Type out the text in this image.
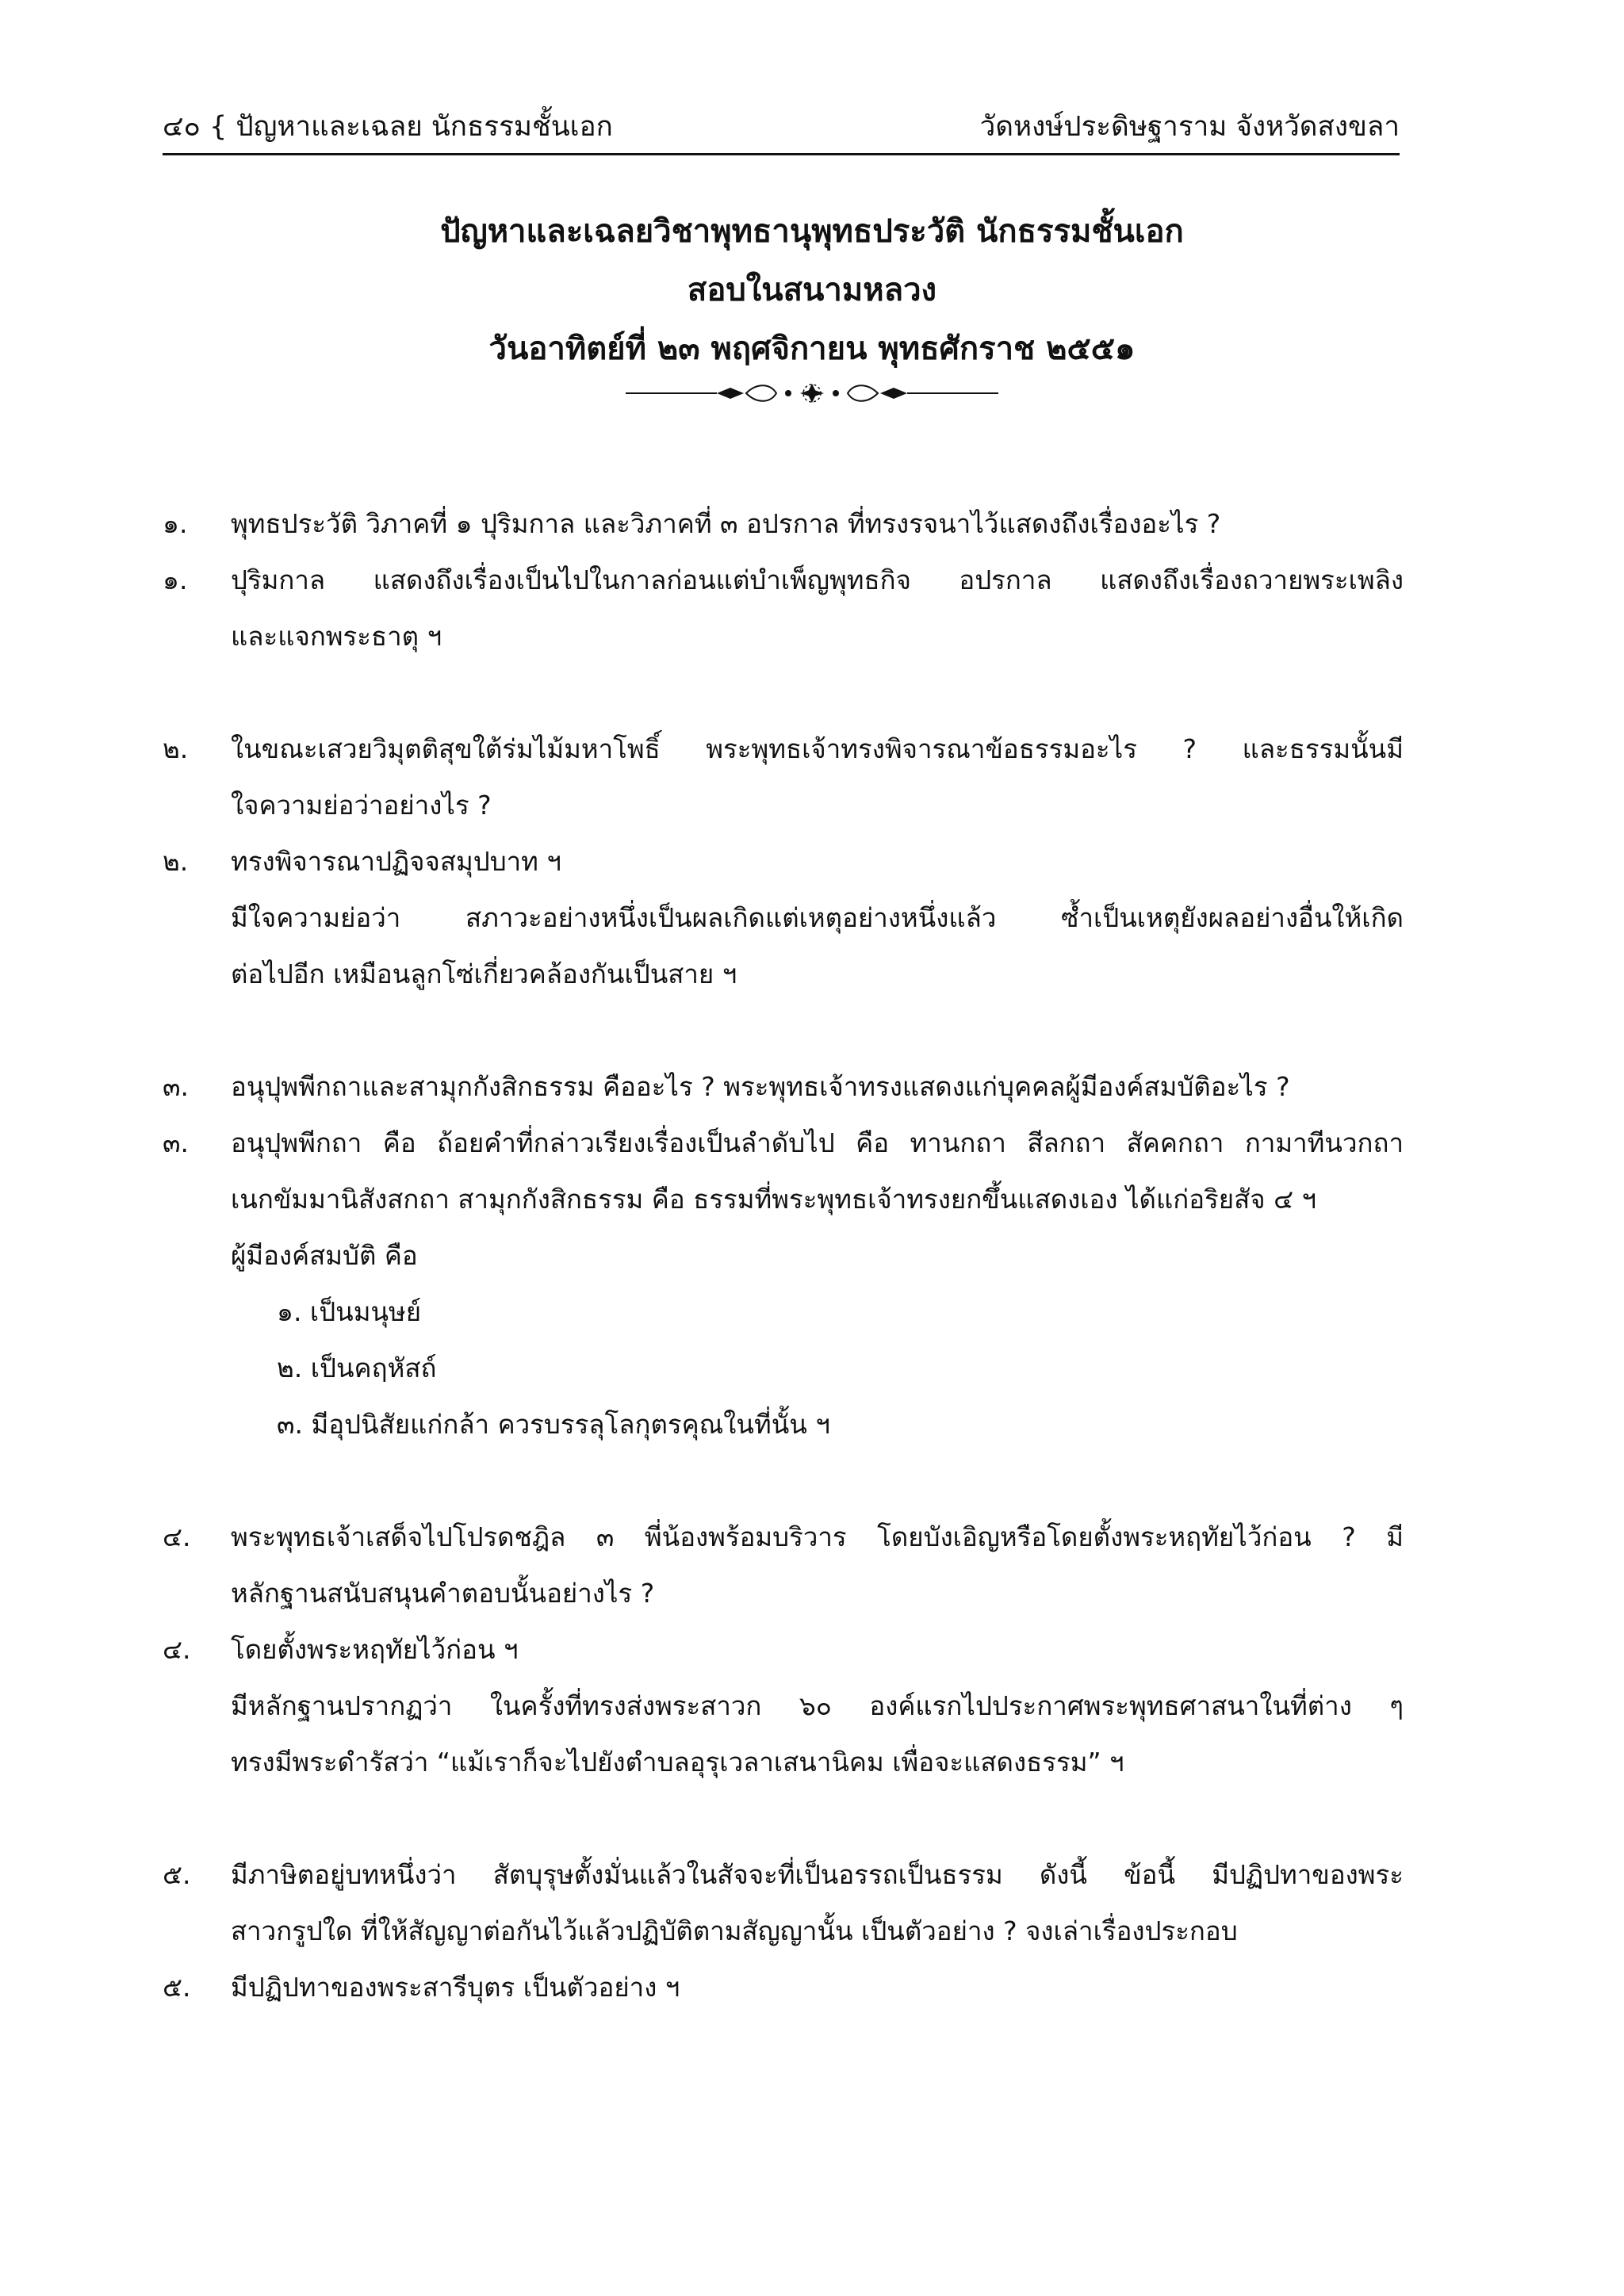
๔๐ { ปัญหาและเฉลย นักธรรมชั้นเอก	วัดหงษ์ประดิษฐาราม จังหวัดสงขลา
ปัญหาและเฉลยวิชาพุทธานุพุทธประวัติ นักธรรมชั้นเอก
สอบในสนามหลวง
วันอาทิตย์ที่ ๒๓ พฤศจิกายน พุทธศักราช ๒๕๕๑
๑.	พุทธประวัติ วิภาคที่ ๑ ปุริมกาล และวิภาคที่ ๓ อปรกาล ที่ทรงรจนาไว้แสดงถึงเรื่องอะไร ?
๑.	ปุริมกาล แสดงถึงเรื่องเป็นไปในกาลก่อนแต่บำเพ็ญพุทธกิจ อปรกาล แสดงถึงเรื่องถวายพระเพลิง
และแจกพระธาตุ ฯ
๒.	ในขณะเสวยวิมุตติสุขใต้ร่มไม้มหาโพธิ์ พระพุทธเจ้าทรงพิจารณาข้อธรรมอะไร ? และธรรมนั้นมี
ใจความย่อว่าอย่างไร ?
๒.	ทรงพิจารณาปฏิจจสมุปบาท ฯ
มีใจความย่อว่า สภาวะอย่างหนึ่งเป็นผลเกิดแต่เหตุอย่างหนึ่งแล้ว ซ้ำเป็นเหตุยังผลอย่างอื่นให้เกิด
ต่อไปอีก เหมือนลูกโซ่เกี่ยวคล้องกันเป็นสาย ฯ
๓.	อนุปุพพีกถาและสามุกกังสิกธรรม คืออะไร ? พระพุทธเจ้าทรงแสดงแก่บุคคลผู้มีองค์สมบัติอะไร ?
๓.	อนุปุพพีกถา คือ ถ้อยคำที่กล่าวเรียงเรื่องเป็นลำดับไป คือ ทานกถา สีลกถา สัคคกถา กามาทีนวกถา
เนกขัมมานิสังสกถา สามุกกังสิกธรรม คือ ธรรมที่พระพุทธเจ้าทรงยกขึ้นแสดงเอง ได้แก่อริยสัจ ๔ ฯ
ผู้มีองค์สมบัติ คือ
๑. เป็นมนุษย์
๒. เป็นคฤหัสถ์
๓. มีอุปนิสัยแก่กล้า ควรบรรลุโลกุตรคุณในที่นั้น ฯ
๔.	พระพุทธเจ้าเสด็จไปโปรดชฎิล ๓ พี่น้องพร้อมบริวาร โดยบังเอิญหรือโดยตั้งพระหฤทัยไว้ก่อน ? มี
หลักฐานสนับสนุนคำตอบนั้นอย่างไร ?
๔.	โดยตั้งพระหฤทัยไว้ก่อน ฯ
มีหลักฐานปรากฏว่า ในครั้งที่ทรงส่งพระสาวก ๖๐ องค์แรกไปประกาศพระพุทธศาสนาในที่ต่าง ๆ
ทรงมีพระดำรัสว่า “แม้เราก็จะไปยังตำบลอุรุเวลาเสนานิคม เพื่อจะแสดงธรรม” ฯ
๕.	มีภาษิตอยู่บทหนึ่งว่า สัตบุรุษตั้งมั่นแล้วในสัจจะที่เป็นอรรถเป็นธรรม ดังนี้ ข้อนี้ มีปฏิปทาของพระ
สาวกรูปใด ที่ให้สัญญาต่อกันไว้แล้วปฏิบัติตามสัญญานั้น เป็นตัวอย่าง ? จงเล่าเรื่องประกอบ
๕.	มีปฏิปทาของพระสารีบุตร เป็นตัวอย่าง ฯ
